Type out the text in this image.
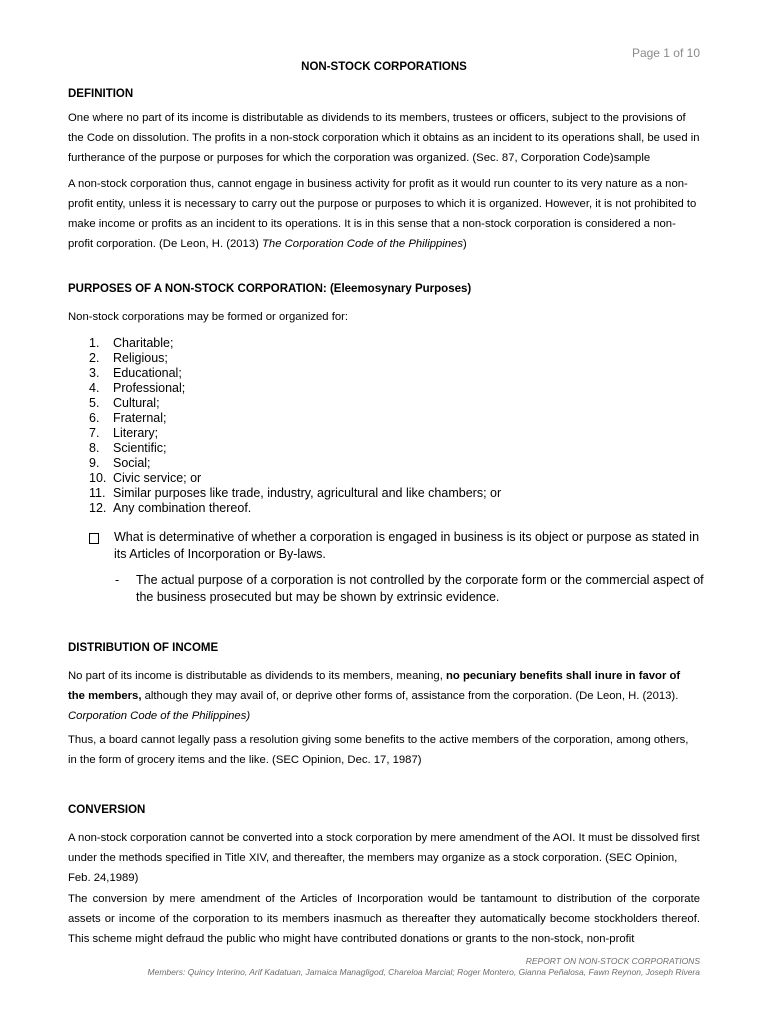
Page 1 of 10
NON-STOCK CORPORATIONS
DEFINITION
One where no part of its income is distributable as dividends to its members, trustees or officers, subject to the provisions of the Code on dissolution. The profits in a non-stock corporation which it obtains as an incident to its operations shall, be used in furtherance of the purpose or purposes for which the corporation was organized. (Sec. 87, Corporation Code)sample
A non-stock corporation thus, cannot engage in business activity for profit as it would run counter to its very nature as a non-profit entity, unless it is necessary to carry out the purpose or purposes to which it is organized. However, it is not prohibited to make income or profits as an incident to its operations. It is in this sense that a non-stock corporation is considered a non-profit corporation. (De Leon, H. (2013) The Corporation Code of the Philippines)
PURPOSES OF A NON-STOCK CORPORATION: (Eleemosynary Purposes)
Non-stock corporations may be formed or organized for:
1.	Charitable;
2.	Religious;
3.	Educational;
4.	Professional;
5.	Cultural;
6.	Fraternal;
7.	Literary;
8.	Scientific;
9.	Social;
10. Civic service; or
11. Similar purposes like trade, industry, agricultural and like chambers; or
12. Any combination thereof.
What is determinative of whether a corporation is engaged in business is its object or purpose as stated in its Articles of Incorporation or By-laws.
-	The actual purpose of a corporation is not controlled by the corporate form or the commercial aspect of the business prosecuted but may be shown by extrinsic evidence.
DISTRIBUTION OF INCOME
No part of its income is distributable as dividends to its members, meaning, no pecuniary benefits shall inure in favor of the members, although they may avail of, or deprive other forms of, assistance from the corporation. (De Leon, H. (2013). Corporation Code of the Philippines)
Thus, a board cannot legally pass a resolution giving some benefits to the active members of the corporation, among others, in the form of grocery items and the like. (SEC Opinion, Dec. 17, 1987)
CONVERSION
A non-stock corporation cannot be converted into a stock corporation by mere amendment of the AOI. It must be dissolved first under the methods specified in Title XIV, and thereafter, the members may organize as a stock corporation. (SEC Opinion, Feb. 24,1989)
The conversion by mere amendment of the Articles of Incorporation would be tantamount to distribution of the corporate assets or income of the corporation to its members inasmuch as thereafter they automatically become stockholders thereof. This scheme might defraud the public who might have contributed donations or grants to the non-stock, non-profit
REPORT ON NON-STOCK CORPORATIONS
Members: Quincy Interino, Arif Kadatuan, Jamaica Managligod, Chareloa Marcial; Roger Montero, Gianna Peñalosa, Fawn Reynon, Joseph Rivera
